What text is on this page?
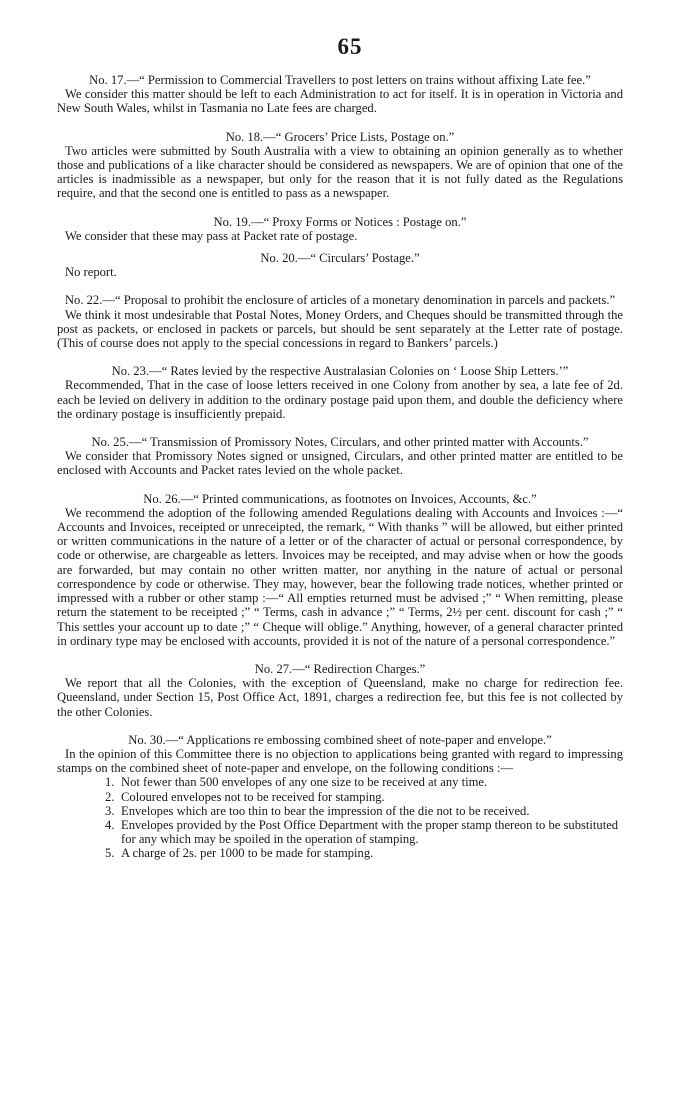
65

No. 17.—“ Permission to Commercial Travellers to post letters on trains without affixing Late fee.”

We consider this matter should be left to each Administration to act for itself. It is in operation in Victoria and New South Wales, whilst in Tasmania no Late fees are charged.

No. 18.—“ Grocers’ Price Lists, Postage on.”

Two articles were submitted by South Australia with a view to obtaining an opinion generally as to whether those and publications of a like character should be considered as newspapers. We are of opinion that one of the articles is inadmissible as a newspaper, but only for the reason that it is not fully dated as the Regulations require, and that the second one is entitled to pass as a newspaper.

No. 19.—“ Proxy Forms or Notices : Postage on.”

We consider that these may pass at Packet rate of postage.

No. 20.—“ Circulars’ Postage.”

No report.

No. 22.—“ Proposal to prohibit the enclosure of articles of a monetary denomination in parcels and packets.”

We think it most undesirable that Postal Notes, Money Orders, and Cheques should be transmitted through the post as packets, or enclosed in packets or parcels, but should be sent separately at the Letter rate of postage. (This of course does not apply to the special concessions in regard to Bankers’ parcels.)

No. 23.—“ Rates levied by the respective Australasian Colonies on ‘ Loose Ship Letters.’”

Recommended, That in the case of loose letters received in one Colony from another by sea, a late fee of 2d. each be levied on delivery in addition to the ordinary postage paid upon them, and double the deficiency where the ordinary postage is insufficiently prepaid.

No. 25.—“ Transmission of Promissory Notes, Circulars, and other printed matter with Accounts.”

We consider that Promissory Notes signed or unsigned, Circulars, and other printed matter are entitled to be enclosed with Accounts and Packet rates levied on the whole packet.

No. 26.—“ Printed communications, as footnotes on Invoices, Accounts, &c.”

We recommend the adoption of the following amended Regulations dealing with Accounts and Invoices :—“ Accounts and Invoices, receipted or unreceipted, the remark, “ With thanks ” will be allowed, but either printed or written communications in the nature of a letter or of the character of actual or personal correspondence, by code or otherwise, are chargeable as letters. Invoices may be receipted, and may advise when or how the goods are forwarded, but may contain no other written matter, nor anything in the nature of actual or personal correspondence by code or otherwise. They may, however, bear the following trade notices, whether printed or impressed with a rubber or other stamp :—“ All empties returned must be advised ;” “ When remitting, please return the statement to be receipted ;” “ Terms, cash in advance ;” “ Terms, 2½ per cent. discount for cash ;” “ This settles your account up to date ;” “ Cheque will oblige.” Anything, however, of a general character printed in ordinary type may be enclosed with accounts, provided it is not of the nature of a personal correspondence.”

No. 27.—“ Redirection Charges.”

We report that all the Colonies, with the exception of Queensland, make no charge for redirection fee. Queensland, under Section 15, Post Office Act, 1891, charges a redirection fee, but this fee is not collected by the other Colonies.

No. 30.—“ Applications re embossing combined sheet of note-paper and envelope.”

In the opinion of this Committee there is no objection to applications being granted with regard to impressing stamps on the combined sheet of note-paper and envelope, on the following conditions :—

1. Not fewer than 500 envelopes of any one size to be received at any time.
2. Coloured envelopes not to be received for stamping.
3. Envelopes which are too thin to bear the impression of the die not to be received.
4. Envelopes provided by the Post Office Department with the proper stamp thereon to be substituted for any which may be spoiled in the operation of stamping.
5. A charge of 2s. per 1000 to be made for stamping.
